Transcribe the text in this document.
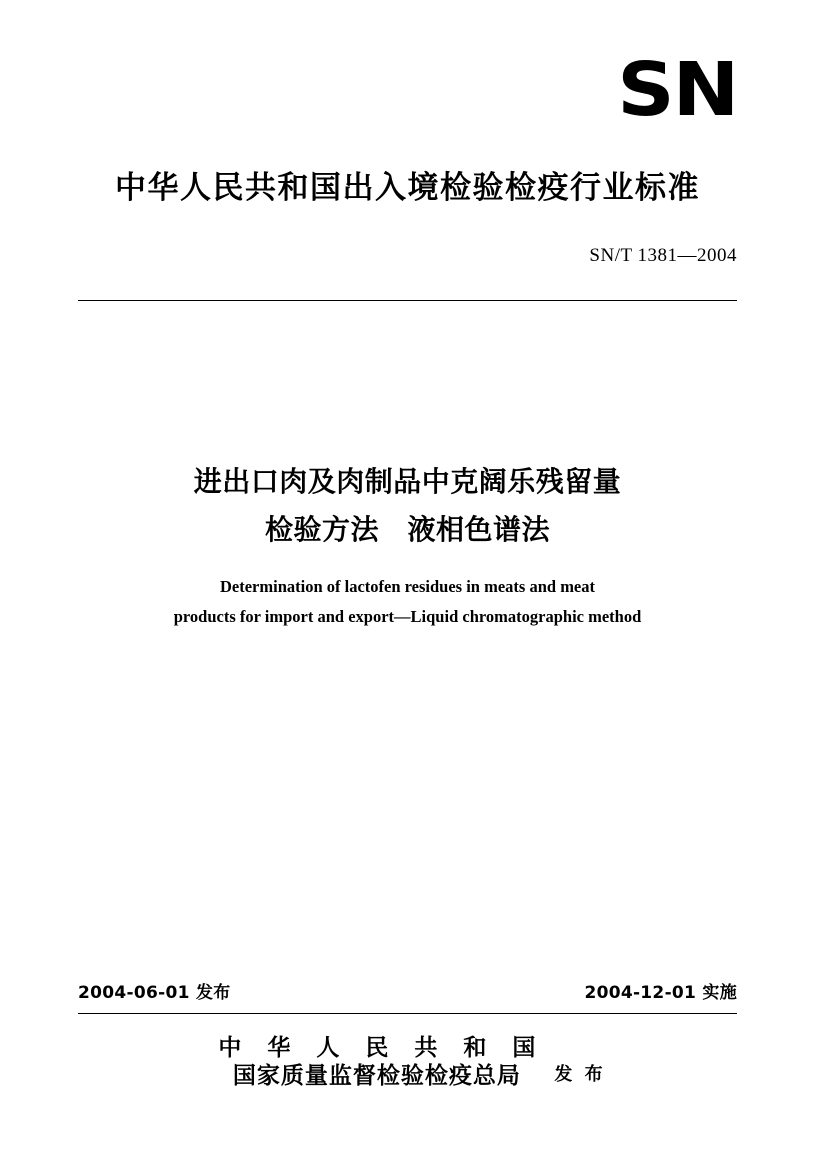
SN
中华人民共和国出入境检验检疫行业标准
SN/T 1381—2004
进出口肉及肉制品中克阔乐残留量
检验方法　液相色谱法
Determination of lactofen residues in meats and meat
products for import and export—Liquid chromatographic method
2004-06-01 发布	2004-12-01 实施
中 华 人 民 共 和 国
国家质量监督检验检疫总局	发 布
